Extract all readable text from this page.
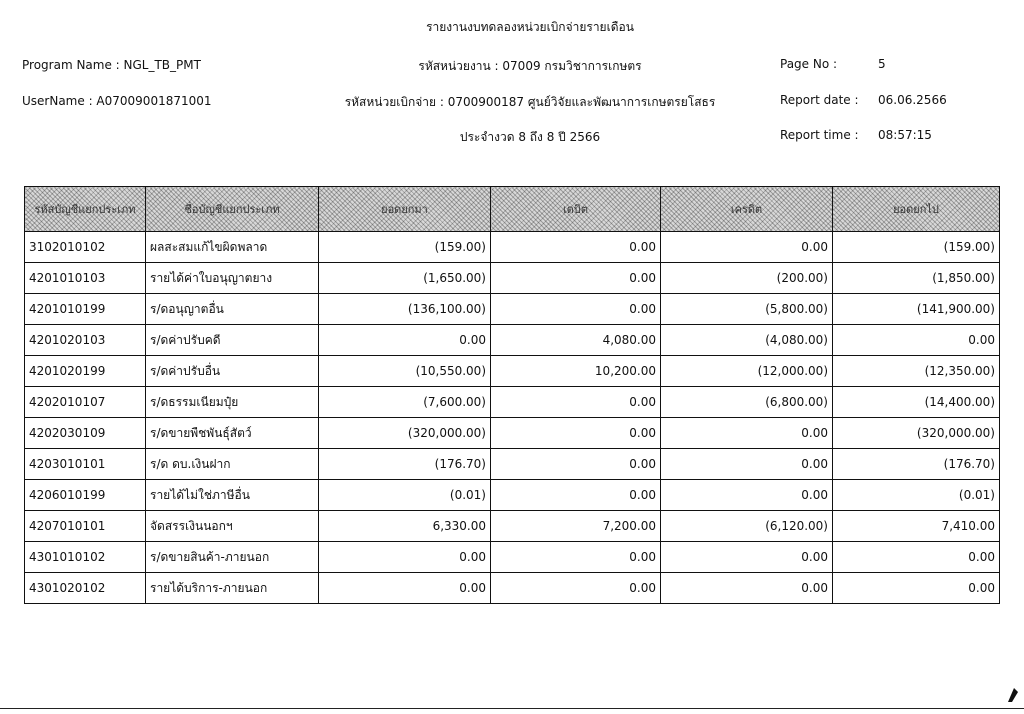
รายงานงบทดลองหน่วยเบิกจ่ายรายเดือน
Program Name : NGL_TB_PMT	รหัสหน่วยงาน : 07009 กรมวิชาการเกษตร	Page No :	5
UserName : A07009001871001	รหัสหน่วยเบิกจ่าย : 0700900187 ศูนย์วิจัยและพัฒนาการเกษตรยโสธร	Report date : 06.06.2566
ประจำงวด 8 ถึง 8 ปี 2566	Report time : 08:57:15
รหัสบัญชีแยกประเภท	ชื่อบัญชีแยกประเภท	ยอดยกมา	เดบิต	เครดิต	ยอดยกไป
3102010102	ผลสะสมแก้ไขผิดพลาด	(159.00)	0.00	0.00	(159.00)
4201010103	รายได้ค่าใบอนุญาตยาง	(1,650.00)	0.00	(200.00)	(1,850.00)
4201010199	ร/ดอนุญาตอื่น	(136,100.00)	0.00	(5,800.00)	(141,900.00)
4201020103	ร/ดค่าปรับคดี	0.00	4,080.00	(4,080.00)	0.00
4201020199	ร/ดค่าปรับอื่น	(10,550.00)	10,200.00	(12,000.00)	(12,350.00)
4202010107	ร/ดธรรมเนียมปุ๋ย	(7,600.00)	0.00	(6,800.00)	(14,400.00)
4202030109	ร/ดขายพืชพันธุ์สัตว์	(320,000.00)	0.00	0.00	(320,000.00)
4203010101	ร/ด ดบ.เงินฝาก	(176.70)	0.00	0.00	(176.70)
4206010199	รายได้ไม่ใช่ภาษีอื่น	(0.01)	0.00	0.00	(0.01)
4207010101	จัดสรรเงินนอกฯ	6,330.00	7,200.00	(6,120.00)	7,410.00
4301010102	ร/ดขายสินค้า-ภายนอก	0.00	0.00	0.00	0.00
4301020102	รายได้บริการ-ภายนอก	0.00	0.00	0.00	0.00
